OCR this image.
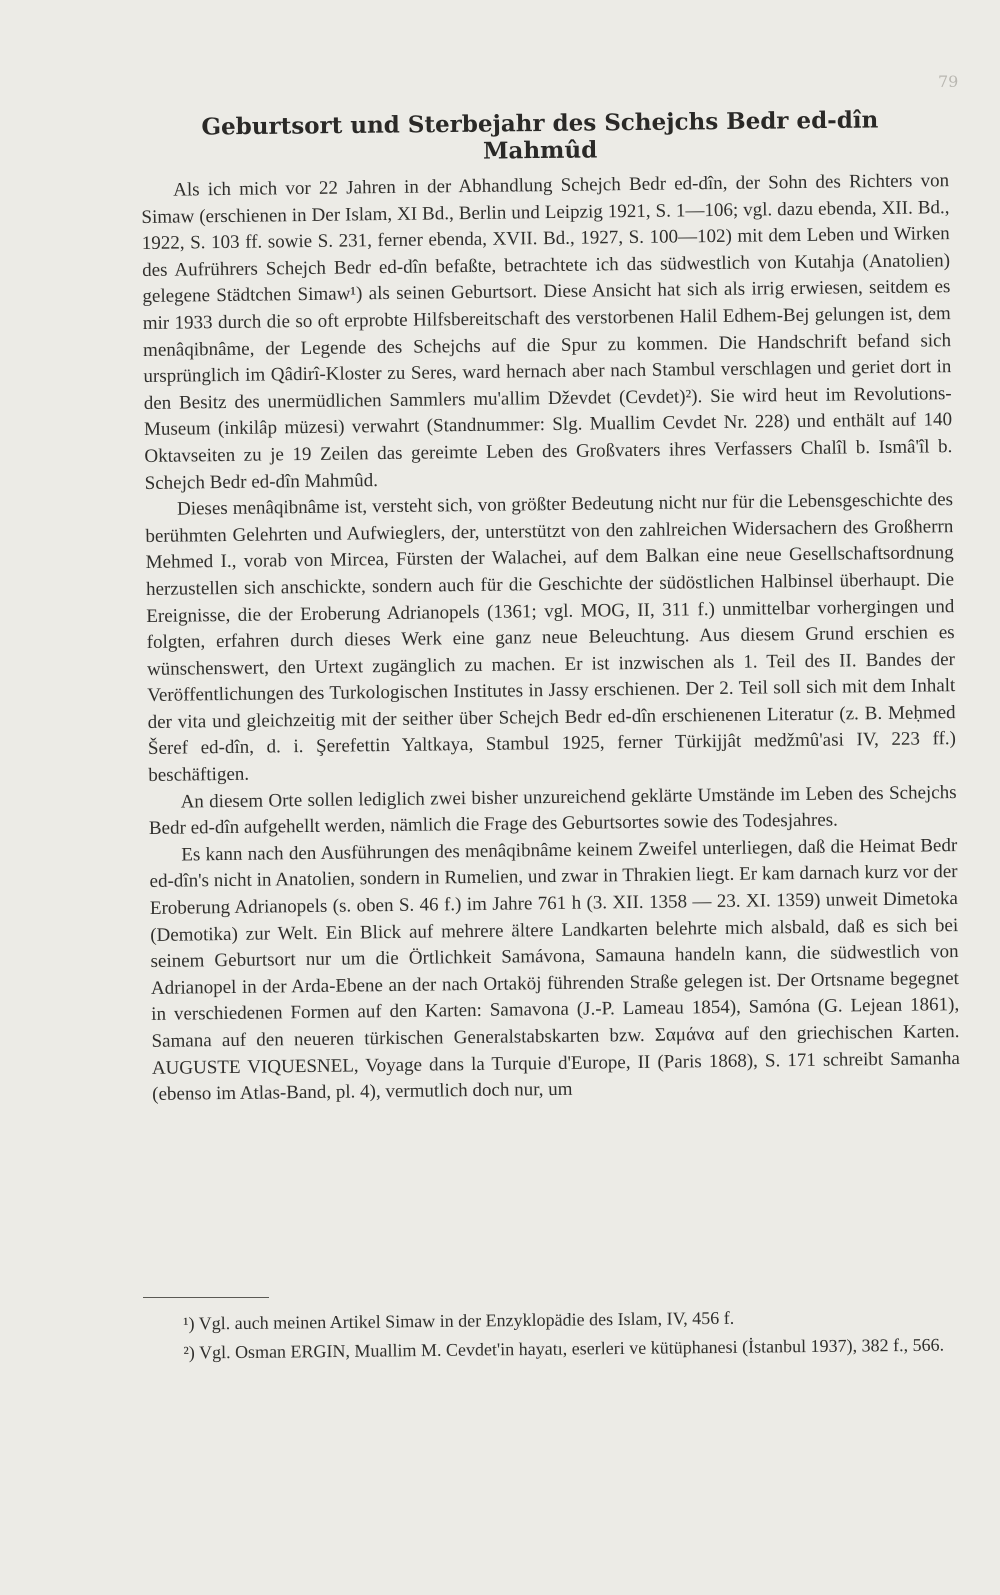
79
Geburtsort und Sterbejahr des Schejchs Bedr ed-dîn Mahmûd

Als ich mich vor 22 Jahren in der Abhandlung Schejch Bedr ed-dîn, der Sohn des Richters von Simaw (erschienen in Der Islam, XI Bd., Berlin und Leipzig 1921, S. 1—106; vgl. dazu ebenda, XII. Bd., 1922, S. 103 ff. sowie S. 231, ferner ebenda, XVII. Bd., 1927, S. 100—102) mit dem Leben und Wirken des Aufrührers Schejch Bedr ed-dîn befaßte, betrachtete ich das südwestlich von Kutahja (Anatolien) gelegene Städtchen Simaw¹) als seinen Geburtsort. Diese Ansicht hat sich als irrig erwiesen, seitdem es mir 1933 durch die so oft erprobte Hilfsbereitschaft des verstorbenen Halil Edhem-Bej gelungen ist, dem menâqibnâme, der Legende des Schejchs auf die Spur zu kommen. Die Handschrift befand sich ursprünglich im Qâdirî-Kloster zu Seres, ward hernach aber nach Stambul verschlagen und geriet dort in den Besitz des unermüdlichen Sammlers mu'allim Dževdet (Cevdet)²). Sie wird heut im Revolutions-Museum (inkilâp müzesi) verwahrt (Standnummer: Slg. Muallim Cevdet Nr. 228) und enthält auf 140 Oktavseiten zu je 19 Zeilen das gereimte Leben des Großvaters ihres Verfassers Chalîl b. Ismâ'îl b. Schejch Bedr ed-dîn Mahmûd.

Dieses menâqibnâme ist, versteht sich, von größter Bedeutung nicht nur für die Lebensgeschichte des berühmten Gelehrten und Aufwieglers, der, unterstützt von den zahlreichen Widersachern des Großherrn Mehmed I., vorab von Mircea, Fürsten der Walachei, auf dem Balkan eine neue Gesellschaftsordnung herzustellen sich anschickte, sondern auch für die Geschichte der südöstlichen Halbinsel überhaupt. Die Ereignisse, die der Eroberung Adrianopels (1361; vgl. MOG, II, 311 f.) unmittelbar vorhergingen und folgten, erfahren durch dieses Werk eine ganz neue Beleuchtung. Aus diesem Grund erschien es wünschenswert, den Urtext zugänglich zu machen. Er ist inzwischen als 1. Teil des II. Bandes der Veröffentlichungen des Turkologischen Institutes in Jassy erschienen. Der 2. Teil soll sich mit dem Inhalt der vita und gleichzeitig mit der seither über Schejch Bedr ed-dîn erschienenen Literatur (z. B. Meḥmed Šeref ed-dîn, d. i. Şerefettin Yaltkaya, Stambul 1925, ferner Türkijjât medžmû'asi IV, 223 ff.) beschäftigen.

An diesem Orte sollen lediglich zwei bisher unzureichend geklärte Umstände im Leben des Schejchs Bedr ed-dîn aufgehellt werden, nämlich die Frage des Geburtsortes sowie des Todesjahres.

Es kann nach den Ausführungen des menâqibnâme keinem Zweifel unterliegen, daß die Heimat Bedr ed-dîn's nicht in Anatolien, sondern in Rumelien, und zwar in Thrakien liegt. Er kam darnach kurz vor der Eroberung Adrianopels (s. oben S. 46 f.) im Jahre 761 h (3. XII. 1358 — 23. XI. 1359) unweit Dimetoka (Demotika) zur Welt. Ein Blick auf mehrere ältere Landkarten belehrte mich alsbald, daß es sich bei seinem Geburtsort nur um die Örtlichkeit Samávona, Samauna handeln kann, die südwestlich von Adrianopel in der Arda-Ebene an der nach Ortaköj führenden Straße gelegen ist. Der Ortsname begegnet in verschiedenen Formen auf den Karten: Samavona (J.-P. Lameau 1854), Samóna (G. Lejean 1861), Samana auf den neueren türkischen Generalstabskarten bzw. Σαμάνα auf den griechischen Karten. AUGUSTE VIQUESNEL, Voyage dans la Turquie d'Europe, II (Paris 1868), S. 171 schreibt Samanha (ebenso im Atlas-Band, pl. 4), vermutlich doch nur, um

¹) Vgl. auch meinen Artikel Simaw in der Enzyklopädie des Islam, IV, 456 f.

²) Vgl. Osman ERGIN, Muallim M. Cevdet'in hayatı, eserleri ve kütüphanesi (İstanbul 1937), 382 f., 566.
